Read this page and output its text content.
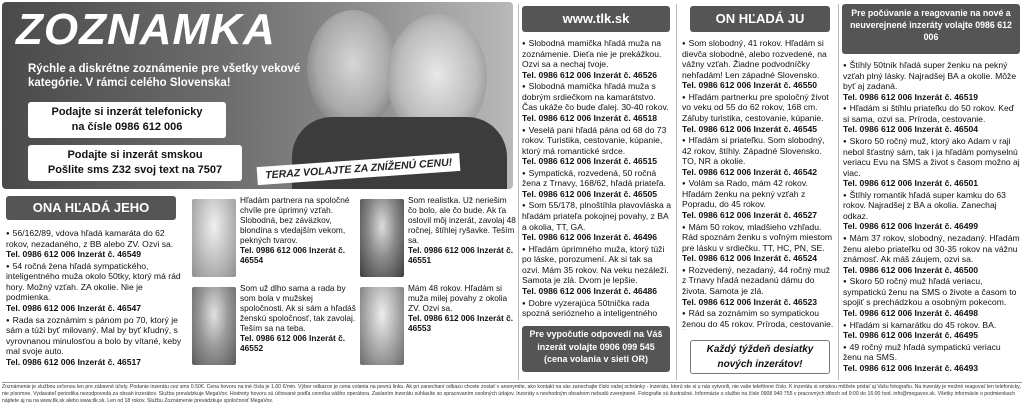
ZOZNAMKA
Rýchle a diskrétne zoznámenie pre všetky vekové kategórie. V rámci celého Slovenska!
Podajte si inzerát telefonicky
na čísle 0986 612 006
Podajte si inzerát smskou
Pošlite sms Z32 svoj text na 7507	TERAZ VOLAJTE ZA ZNÍŽENÚ CENU!
ONA HĽADÁ JEHO

● 56/162/89, vdova hľadá kamaráta do 62 rokov, nezadaného, z BB alebo ZV. Ozvi sa.

Tel. 0986 612 006 Inzerát č. 46549

● 54 ročná žena hľadá sympatického, inteligentného muža okolo 50tky, ktorý má rád hory. Možný vzťah. ZA okolie. Nie je podmienka.

Tel. 0986 612 006 Inzerát č. 46547

● Rada sa zoznámim s pánom po 70, ktorý je sám a túži byť milovaný. Mal by byť kľudný, s vyrovnanou minulosťou a bolo by vítané, keby mal svoje auto.

Tel. 0986 612 006 Inzerát č. 46517

Hľadám partnera na spoločné chvíle pre úprimný vzťah. Slobodná, bez záväzkov, blondína s vtedajším vekom, pekných tvarov.
Tel. 0986 612 006 Inzerát č. 46554
Som realistka. Už neriešim čo bolo, ale čo bude. Ak ťa oslovil môj inzerát, zavolaj 48 ročnej, štíhlej ryšavke. Teším sa.
Tel. 0986 612 006 Inzerát č. 46551
Som už dlho sama a rada by som bola v mužskej spoločnosti. Ak si sám a hľadáš ženskú spoločnosť, tak zavolaj. Teším sa na teba.
Tel. 0986 612 006 Inzerát č. 46552
Mám 48 rokov. Hľadám si muža milej povahy z okolia ZV. Ozvi sa.
Tel. 0986 612 006 Inzerát č. 46553
www.tlk.sk

● Slobodná mamička hľadá muža na zoznámenie. Dieťa nie je prekážkou. Ozvi sa a nechaj tvoje.

Tel. 0986 612 006 Inzerát č. 46526

● Slobodná mamička hľadá muža s dobrým srdiečkom na kamarátstvo. Čas ukáže čo bude ďalej. 30-40 rokov.

Tel. 0986 612 006 Inzerát č. 46518

● Veselá pani hľadá pána od 68 do 73 rokov. Turistika, cestovanie, kúpanie, ktorý má romantické srdce.

Tel. 0986 612 006 Inzerát č. 46515

● Sympatická, rozvedená, 50 ročná žena z Trnavy, 168/62, hľadá priateľa.

Tel. 0986 612 006 Inzerát č. 46505

● Som 55/178, plnoštíhla plavovláska a hľadám priateľa pokojnej povahy, z BA a okolia, TT, GA.

Tel. 0986 612 006 Inzerát č. 46496

● Hľadám úprimného muža, ktorý túži po láske, porozumení. Ak si tak sa ozvi. Mám 35 rokov. Na veku nezáleží. Samota je zlá. Dvom je lepšie.

Tel. 0986 612 006 Inzerát č. 46486

● Dobre vyzerajúca 50tnička rada spozná seriózneho a inteligentného

Pre vypočutie odpovedí na Váš
inzerát volajte 0906 099 545
(cena volania v sieti OR)
ON HĽADÁ JU

● Som slobodný, 41 rokov. Hľadám si dievča slobodné, alebo rozvedené, na vážny vzťah. Žiadne podvodníčky nehľadám! Len západné Slovensko.

Tel. 0986 612 006 Inzerát č. 46550

● Hľadám partnerku pre spoločný život vo veku od 55 do 62 rokov, 168 cm. Záľuby turistika, cestovanie, kúpanie.

Tel. 0986 612 006 Inzerát č. 46545

● Hľadám si priateľku. Som slobodný, 42 rokov, štíhly. Západné Slovensko. TO, NR a okolie.

Tel. 0986 612 006 Inzerát č. 46542

● Volám sa Rado, mám 42 rokov. Hľadám ženku na pekný vzťah z Popradu, do 45 rokov.

Tel. 0986 612 006 Inzerát č. 46527

● Mám 50 rokov, mladšieho vzhľadu. Rád spoznám ženku s voľným miestom pre lásku v srdiečku. TT, HC, PN, SE.

Tel. 0986 612 006 Inzerát č. 46524

● Rozvedený, nezadaný, 44 ročný muž z Trnavy hľadá nezadanú dámu do života. Samota je zlá.

Tel. 0986 612 006 Inzerát č. 46523

● Rád sa zoznámim so sympatickou ženou do 45 rokov. Príroda, cestovanie.

Každý týždeň desiatky
nových inzerátov!
Pre počúvanie a reagovanie na nové a neuverejnené inzeráty volajte 0986 612 006

● Štíhly 50tník hľadá super ženku na pekný vzťah plný lásky. Najradšej BA a okolie. Môže byť aj zadaná.

Tel. 0986 612 006 Inzerát č. 46519

● Hľadám si štíhlu priateľku do 50 rokov. Keď si sama, ozvi sa. Príroda, cestovanie.

Tel. 0986 612 006 Inzerát č. 46504

● Skoro 50 ročný muž, ktorý ako Adam v raji nebol šťastný sám, tak i ja hľadám pomyselnú veriacu Evu na SMS a život s časom možno aj viac.

Tel. 0986 612 006 Inzerát č. 46501

● Štíhly romantik hľadá super kamku do 63 rokov. Najradšej z BA a okolia. Zanechaj odkaz.

Tel. 0986 612 006 Inzerát č. 46499

● Mám 37 rokov, slobodný, nezadaný. Hľadám ženu alebo priateľku od 30-35 rokov na vážnu známosť. Ak máš záujem, ozvi sa.

Tel. 0986 612 006 Inzerát č. 46500

● Skoro 50 ročný muž hľadá veriacu, sympatickú ženu na SMS o živote a časom to spojiť s prechádzkou a osobným pokecom.

Tel. 0986 612 006 Inzerát č. 46498

● Hľadám si kamarátku do 45 rokov. BA.

Tel. 0986 612 006 Inzerát č. 46495

● 49 ročný muž hľadá sympatickú veriacu ženu na SMS.

Tel. 0986 612 006 Inzerát č. 46493

Zoznámenie je službou určenou len pre zábavné účely. Podanie inzerátu cez sms 0.50€. Cena hovoru na iné čísla je 1.60 €/min. Výber odkazov je cena volania na pevnú linku. Ak pri zanechaní odkazu chcete zostať v anonymite, ako kontakt na vás zanechajte číslo vašej schránky - inzerátu, ktorú ste si u nás vytvorili, nie vaše telefónne číslo. K inzerátu si smskou môžete pridať aj Vašu fotografiu. Na inzeráty je možné reagovať len telefonicky, nie písomne. Vydavateľ periodika nezodpovedá za obsah inzerátov. Službu prevádzkuje MegaVox. Hodnoty hovoru sú účtované podľa cenníka vášho operátora. Zaslaním inzerátu súhlasíte so spracovaním osobných údajov. Inzeráty s nevhodným obsahom nebudú zverejnené. Fotografie sú ilustračné. Informácie o službe na čísle 0908 940 755 v pracovných dňoch od 9:00 do 16:00 hod. info@megavox.sk. Všetky informácie o podmienkach nájdete aj na na www.tlk.sk alebo www.tlk.sk. Len od 18 rokov. Službu Zoznámenie prevádzkuje spoločnosť MegaVox.
